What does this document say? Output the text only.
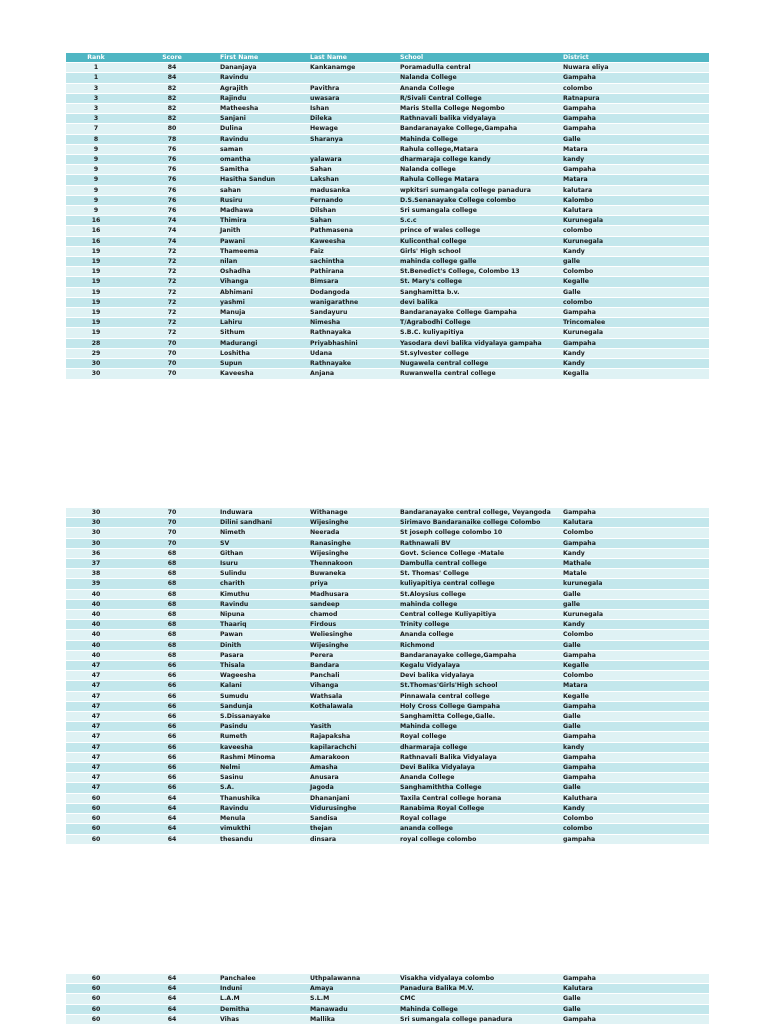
Rank	Score	First Name	Last Name	School	District
1	84	Dananjaya	Kankanamge	Poramadulla central	Nuwara eliya
1	84	Ravindu		Nalanda College	Gampaha
3	82	Agrajith	Pavithra	Ananda College	colombo
3	82	Rajindu	uwasara	R/Sivali Central College	Ratnapura
3	82	Matheesha	Ishan	Maris Stella College Negombo	Gampaha
3	82	Sanjani	Dileka	Rathnavali balika vidyalaya	Gampaha
7	80	Dulina	Hewage	Bandaranayake College,Gampaha	Gampaha
8	78	Ravindu	Sharanya	Mahinda College	Galle
9	76	saman		Rahula college,Matara	Matara
9	76	omantha	yalawara	dharmaraja college kandy	kandy
9	76	Samitha	Sahan	Nalanda college	Gampaha
9	76	Hasitha Sandun	Lakshan	Rahula College Matara	Matara
9	76	sahan	madusanka	wpkitsri sumangala college panadura	kalutara
9	76	Rusiru	Fernando	D.S.Senanayake College colombo	Kalombo
9	76	Madhawa	Dilshan	Sri sumangala college	Kalutara
16	74	Thimira	Sahan	S.c.c	Kurunegala
16	74	Janith	Pathmasena	prince of wales college	colombo
16	74	Pawani	Kaweesha	Kuliconthal college	Kurunegala
19	72	Thameema	Faiz	Girls' High school	Kandy
19	72	nilan	sachintha	mahinda college galle	galle
19	72	Oshadha	Pathirana	St.Benedict's College, Colombo 13	Colombo
19	72	Vihanga	Bimsara	St. Mary's college	Kegalle
19	72	Abhimani	Dodangoda	Sanghamitta b.v.	Galle
19	72	yashmi	wanigarathne	devi balika	colombo
19	72	Manuja	Sandayuru	Bandaranayake College Gampaha	Gampaha
19	72	Lahiru	Nimesha	T/Agrabodhi College	Trincomalee
19	72	Sithum	Rathnayaka	S.B.C. kuliyapitiya	Kurunegala
28	70	Madurangi	Priyabhashini	Yasodara devi balika vidyalaya gampaha	Gampaha
29	70	Loshitha	Udana	St.sylvester college	Kandy
30	70	Supun	Rathnayake	Nugawela central college	Kandy
30	70	Kaveesha	Anjana	Ruwanwella central college	Kegalla
30	70	Induwara	Withanage	Bandaranayake central college, Veyangoda	Gampaha
30	70	Dilini sandhani	Wijesinghe	Sirimavo Bandaranaike college Colombo	Kalutara
30	70	Nimeth	Neerada	St joseph college colombo 10	Colombo
30	70	SV	Ranasinghe	Rathnawali BV	Gampaha
36	68	Githan	Wijesinghe	Govt. Science College -Matale	Kandy
37	68	Isuru	Thennakoon	Dambulla central college	Mathale
38	68	Sulindu	Buwaneka	St. Thomas' College	Matale
39	68	charith	priya	kuliyapitiya central college	kurunegala
40	68	Kimuthu	Madhusara	St.Aloysius college	Galle
40	68	Ravindu	sandeep	mahinda college	galle
40	68	Nipuna	chamod	Central college Kuliyapitiya	Kurunegala
40	68	Thaariq	Firdous	Trinity college	Kandy
40	68	Pawan	Weliesinghe	Ananda college	Colombo
40	68	Dinith	Wijesinghe	Richmond	Galle
40	68	Pasara	Perera	Bandaranayake college,Gampaha	Gampaha
47	66	Thisala	Bandara	Kegalu Vidyalaya	Kegalle
47	66	Wageesha	Panchali	Devi balika vidyalaya	Colombo
47	66	Kalani	Vihanga	St.Thomas'Girls'High school	Matara
47	66	Sumudu	Wathsala	Pinnawala central college	Kegalle
47	66	Sandunja	Kothalawala	Holy Cross College Gampaha	Gampaha
47	66	S.Dissanayake		Sanghamitta College,Galle.	Galle
47	66	Pasindu	Yasith	Mahinda college	Galle
47	66	Rumeth	Rajapaksha	Royal college	Gampaha
47	66	kaveesha	kapilarachchi	dharmaraja college	kandy
47	66	Rashmi Minoma	Amarakoon	Rathnavali Balika Vidyalaya	Gampaha
47	66	Nelmi	Amasha	Devi Balika Vidyalaya	Gampaha
47	66	Sasinu	Anusara	Ananda College	Gampaha
47	66	S.A.	Jagoda	Sanghamiththa College	Galle
60	64	Thanushika	Dhananjani	Taxila Central college horana	Kaluthara
60	64	Ravindu	Vidurusinghe	Ranabima Royal College	Kandy
60	64	Menula	Sandisa	Royal collage	Colombo
60	64	vimukthi	thejan	ananda college	colombo
60	64	thesandu	dinsara	royal college colombo	gampaha
60	64	Panchalee	Uthpalawanna	Visakha vidyalaya colombo	Gampaha
60	64	Induni	Amaya	Panadura Balika M.V.	Kalutara
60	64	L.A.M	S.L.M	CMC	Galle
60	64	Demitha	Manawadu	Mahinda College	Galle
60	64	Vihas	Mallika	Sri sumangala college panadura	Gampaha
